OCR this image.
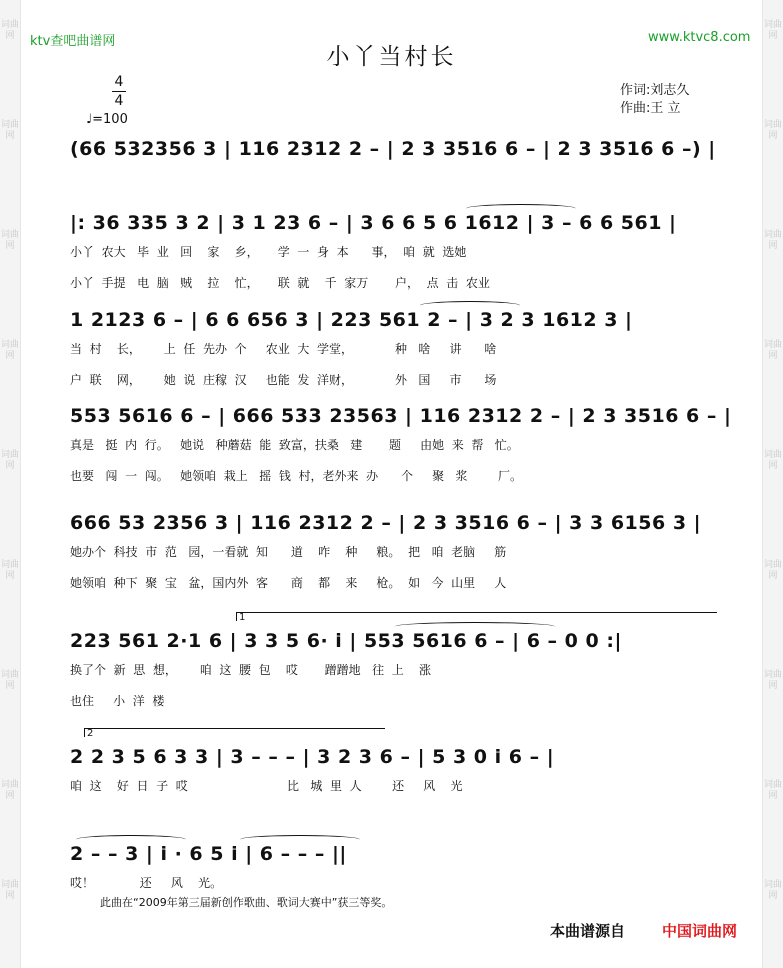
词曲网
词曲网
词曲网
词曲网
词曲网
词曲网
词曲网
词曲网
词曲网
词曲网
词曲网
词曲网
词曲网
词曲网
词曲网
词曲网
词曲网
词曲网
ktv查吧曲谱网	www.ktvc8.com
小丫当村长
4
4
♩=100
作词:刘志久
作曲:王 立
(66 532356 3 | 116 2312 2 – | 2 3 3516 6 – | 2 3 3516 6 –) |
|: 36 335 3 2 | 3 1 23 6 – | 3 6 6 5 6 1612 | 3 – 6 6 561 |
小丫  农大   毕  业   回    家    乡，     学  一  身  本      事，  咱  就  选她
小丫  手提   电  脑   贼    拉    忙，     联  就    千  家万       户，  点  击  农业
1 2123 6 – | 6 6 656 3 | 223 561 2 – | 3 2 3 1612 3 |
当  村    长，      上  任  先办  个     农业  大  学堂，           种   啥     讲      啥
户  联    网，      她  说  庄稼  汉     也能  发  洋财，           外   国     市      场
553 5616 6 – | 666 533 23563 | 116 2312 2 – | 2 3 3516 6 – |
真是   挺  内  行。   她说   种蘑菇  能  致富，扶桑   建       题     由她  来  帮   忙。
也要   闯  一  闯。   她领咱  栽上   摇  钱  村，老外来  办      个     聚   浆        厂。
666 53 2356 3 | 116 2312 2 – | 2 3 3516 6 – | 3 3 6156 3 |
她办个  科技  市  范   园，一看就  知      道    咋    种     粮。  把   咱  老脑     筋
她领咱  种下  聚  宝   盆，国内外  客      商    都    来     枪。  如   今  山里     人
1
223 561 2·1 6 | 3 3 5 6· i | 553 5616 6 – | 6 – 0 0 :|
换了个  新  思  想，      咱  这  腰  包    哎       蹭蹭地   往  上    涨
也住     小  洋  楼
2
2 2 3 5 6 3 3 | 3 – – – | 3 2 3 6 – | 5 3 0 i 6 – |
咱  这    好  日  子  哎                          比   城  里  人        还     风    光
2 – – 3 | i · 6 5 i | 6 – – – ||
哎！            还     风    光。
此曲在“2009年第三届新创作歌曲、歌词大赛中”获三等奖。
本曲谱源自 中国词曲网
